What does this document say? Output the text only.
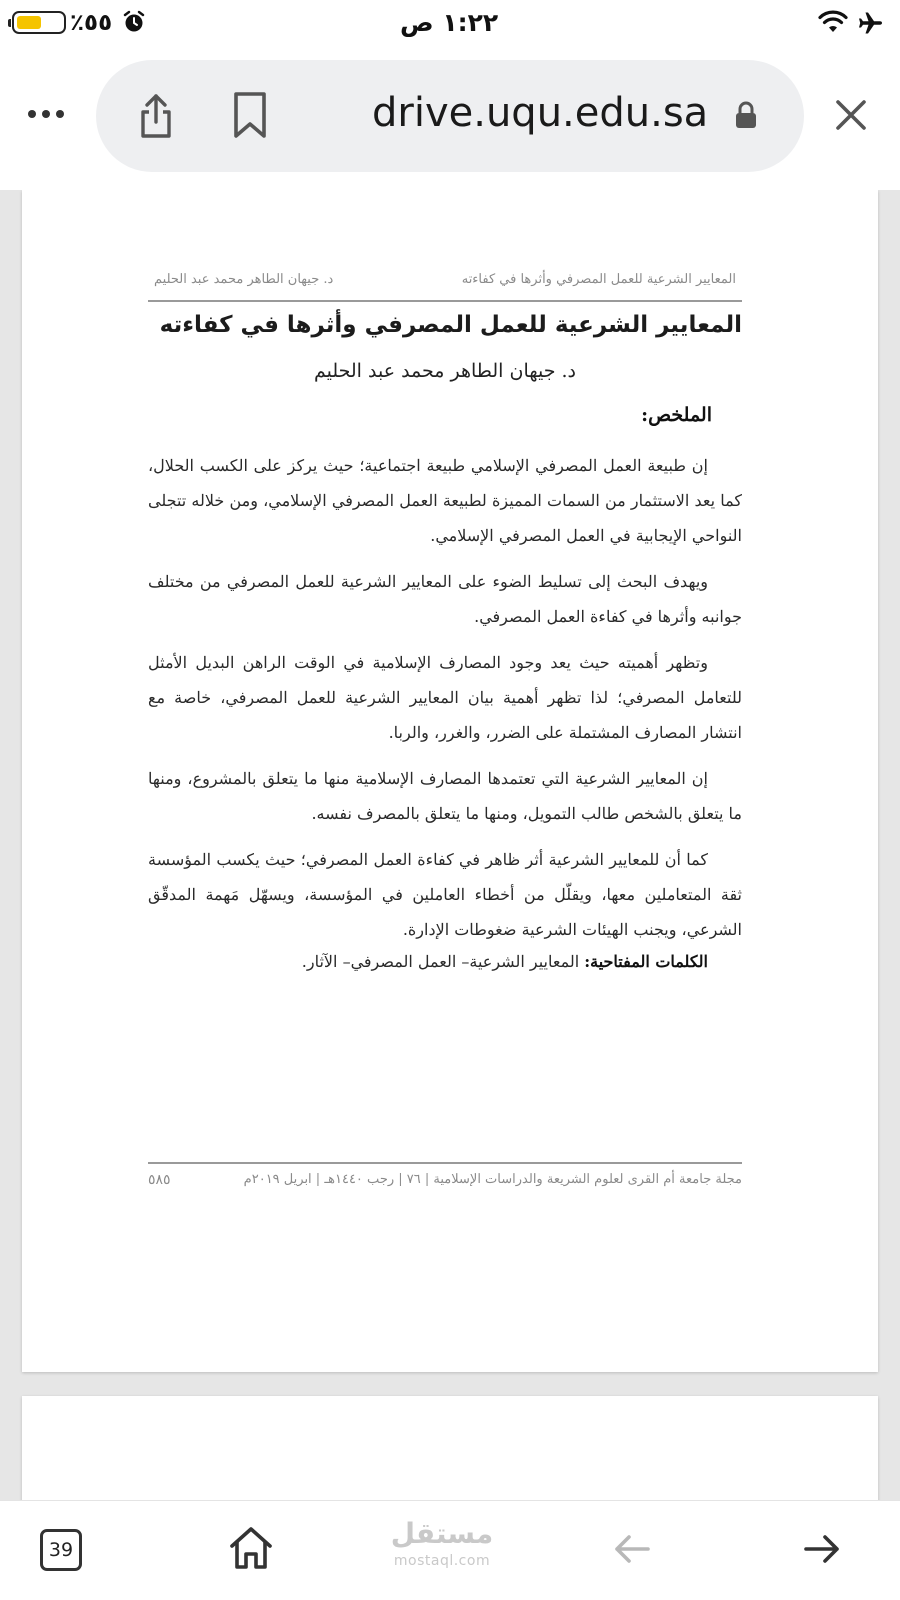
٪٥٥	١:٢٢ ص
drive.uqu.edu.sa
المعايير الشرعية للعمل المصرفي وأثرها في كفاءته
د. جيهان الطاهر محمد عبد الحليم
المعايير الشرعية للعمل المصرفي وأثرها في كفاءته
د. جيهان الطاهر محمد عبد الحليم
الملخص:

إن طبيعة العمل المصرفي الإسلامي طبيعة اجتماعية؛ حيث يركز على الكسب الحلال، كما يعد الاستثمار من السمات المميزة لطبيعة العمل المصرفي الإسلامي، ومن خلاله تتجلى النواحي الإيجابية في العمل المصرفي الإسلامي.

ويهدف البحث إلى تسليط الضوء على المعايير الشرعية للعمل المصرفي من مختلف جوانبه وأثرها في كفاءة العمل المصرفي.

وتظهر أهميته حيث يعد وجود المصارف الإسلامية في الوقت الراهن البديل الأمثل للتعامل المصرفي؛ لذا تظهر أهمية بيان المعايير الشرعية للعمل المصرفي، خاصة مع انتشار المصارف المشتملة على الضرر، والغرر، والربا.

إن المعايير الشرعية التي تعتمدها المصارف الإسلامية منها ما يتعلق بالمشروع، ومنها ما يتعلق بالشخص طالب التمويل، ومنها ما يتعلق بالمصرف نفسه.

كما أن للمعايير الشرعية أثر ظاهر في كفاءة العمل المصرفي؛ حيث يكسب المؤسسة ثقة المتعاملين معها، ويقلّل من أخطاء العاملين في المؤسسة، ويسهّل مَهمة المدقّق الشرعي، ويجنب الهيئات الشرعية ضغوطات الإدارة.

الكلمات المفتاحية: المعايير الشرعية– العمل المصرفي– الآثار.
مجلة جامعة أم القرى لعلوم الشريعة والدراسات الإسلامية | ٧٦ | رجب ١٤٤٠هـ | ابريل ٢٠١٩م
٥٨٥
39	مستقل
mostaql.com
